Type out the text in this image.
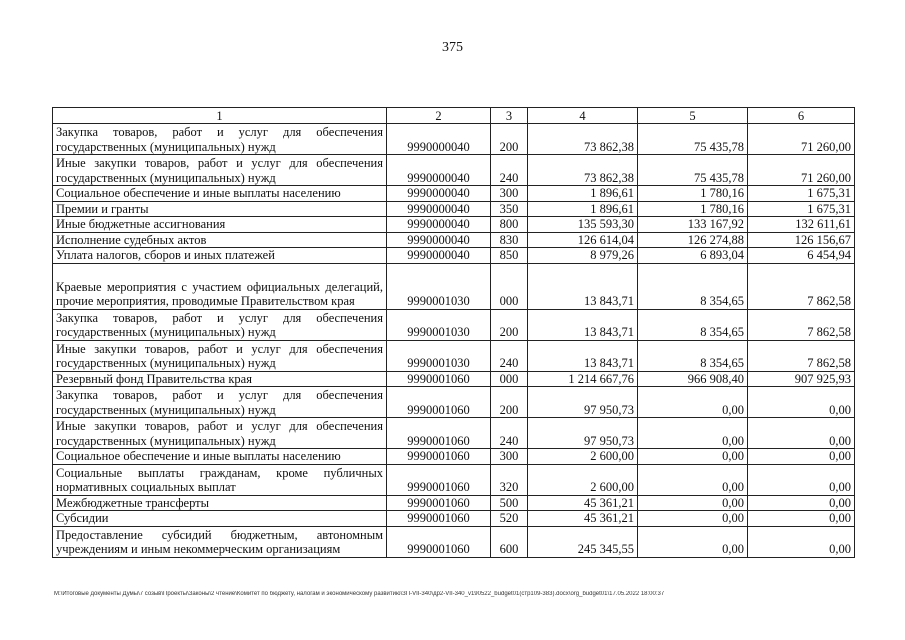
375
1	2	3	4	5	6
Закупка товаров, работ и услуг для обеспечения государственных (муниципальных) нужд	9990000040	200	73 862,38	75 435,78	71 260,00
Иные закупки товаров, работ и услуг для обеспечения государственных (муниципальных) нужд	9990000040	240	73 862,38	75 435,78	71 260,00
Социальное обеспечение и иные выплаты населению	9990000040	300	1 896,61	1 780,16	1 675,31
Премии и гранты	9990000040	350	1 896,61	1 780,16	1 675,31
Иные бюджетные ассигнования	9990000040	800	135 593,30	133 167,92	132 611,61
Исполнение судебных актов	9990000040	830	126 614,04	126 274,88	126 156,67
Уплата налогов, сборов и иных платежей	9990000040	850	8 979,26	6 893,04	6 454,94
Краевые мероприятия с участием официальных делегаций, прочие мероприятия, проводимые Правительством края	9990001030	000	13 843,71	8 354,65	7 862,58
Закупка товаров, работ и услуг для обеспечения государственных (муниципальных) нужд	9990001030	200	13 843,71	8 354,65	7 862,58
Иные закупки товаров, работ и услуг для обеспечения государственных (муниципальных) нужд	9990001030	240	13 843,71	8 354,65	7 862,58
Резервный фонд Правительства края	9990001060	000	1 214 667,76	966 908,40	907 925,93
Закупка товаров, работ и услуг для обеспечения государственных (муниципальных) нужд	9990001060	200	97 950,73	0,00	0,00
Иные закупки товаров, работ и услуг для обеспечения государственных (муниципальных) нужд	9990001060	240	97 950,73	0,00	0,00
Социальное обеспечение и иные выплаты населению	9990001060	300	2 600,00	0,00	0,00
Социальные выплаты гражданам, кроме публичных нормативных социальных выплат	9990001060	320	2 600,00	0,00	0,00
Межбюджетные трансферты	9990001060	500	45 361,21	0,00	0,00
Субсидии	9990001060	520	45 361,21	0,00	0,00
Предоставление субсидий бюджетным, автономным учреждениям и иным некоммерческим организациям	9990001060	600	245 345,55	0,00	0,00
М:\Итоговые документы Думы\7 созыв\Проекты\Законы\2 чтение\Комитет по бюджету, налогам и экономическому развитию\ЗП-VII-340\др2-VII-340_v190522_budget01(стр109-383).docx\org_budget01\17.05.2022 18:00:37
